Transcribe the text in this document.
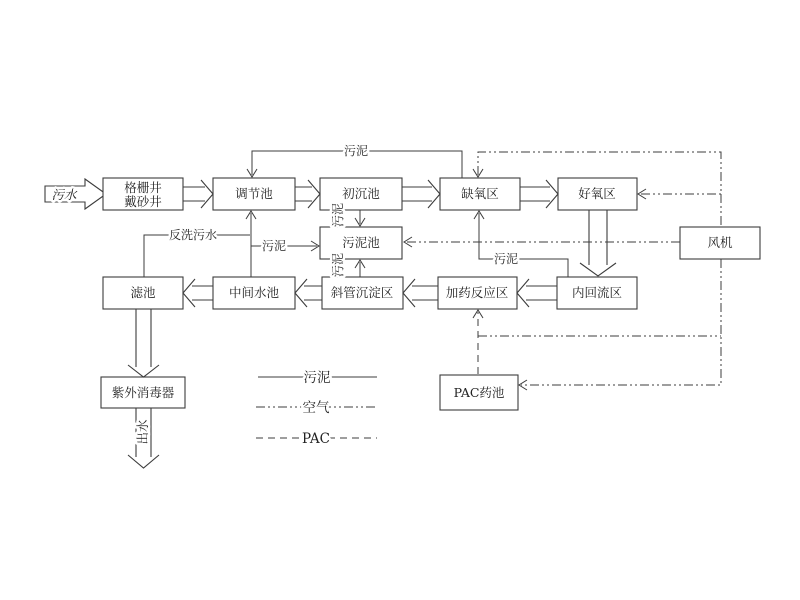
污水	格栅井
戴砂井
调节池	初沉池	缺氧区	好氧区
污泥池	风机
滤池	中间水池	斜管沉淀区	加药反应区	内回流区
紫外消毒器	PAC药池
出水
污泥
反洗污水
污泥
污泥
污泥	污泥
污泥
空气
PAC
